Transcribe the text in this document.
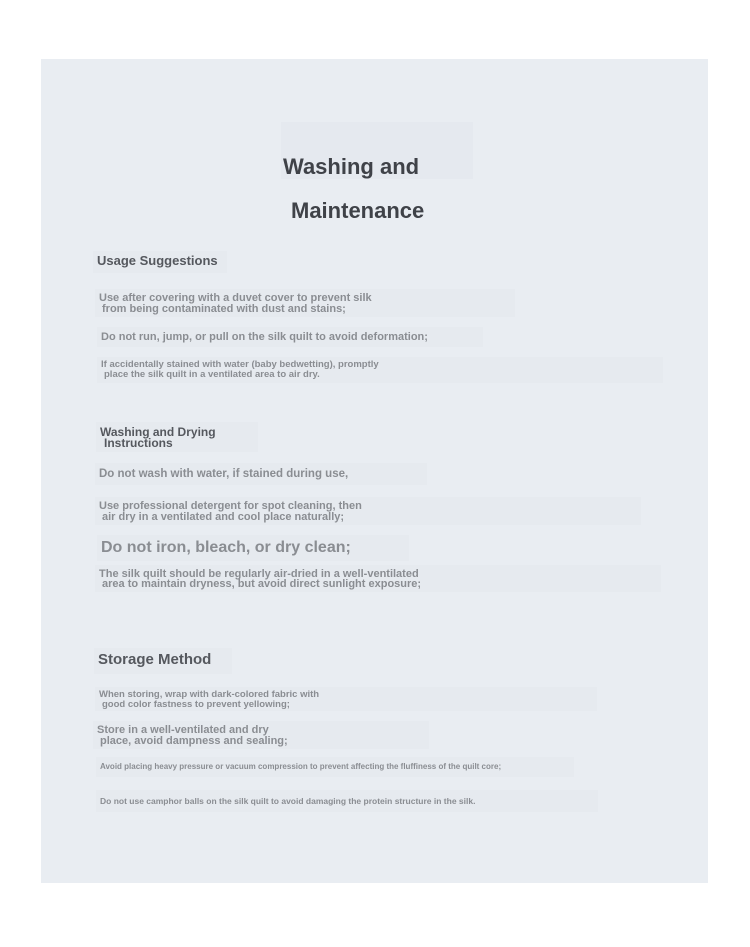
Washing and

Maintenance

Usage Suggestions
Use after covering with a duvet cover to prevent silk
from being contaminated with dust and stains;
Do not run, jump, or pull on the silk quilt to avoid deformation;
If accidentally stained with water (baby bedwetting), promptly
place the silk quilt in a ventilated area to air dry.
Washing and Drying
Instructions
Do not wash with water, if stained during use,
Use professional detergent for spot cleaning, then
air dry in a ventilated and cool place naturally;
Do not iron, bleach, or dry clean;
The silk quilt should be regularly air-dried in a well-ventilated
area to maintain dryness, but avoid direct sunlight exposure;
Storage Method
When storing, wrap with dark-colored fabric with
good color fastness to prevent yellowing;
Store in a well-ventilated and dry
place, avoid dampness and sealing;
Avoid placing heavy pressure or vacuum compression to prevent affecting the fluffiness of the quilt core;
Do not use camphor balls on the silk quilt to avoid damaging the protein structure in the silk.
